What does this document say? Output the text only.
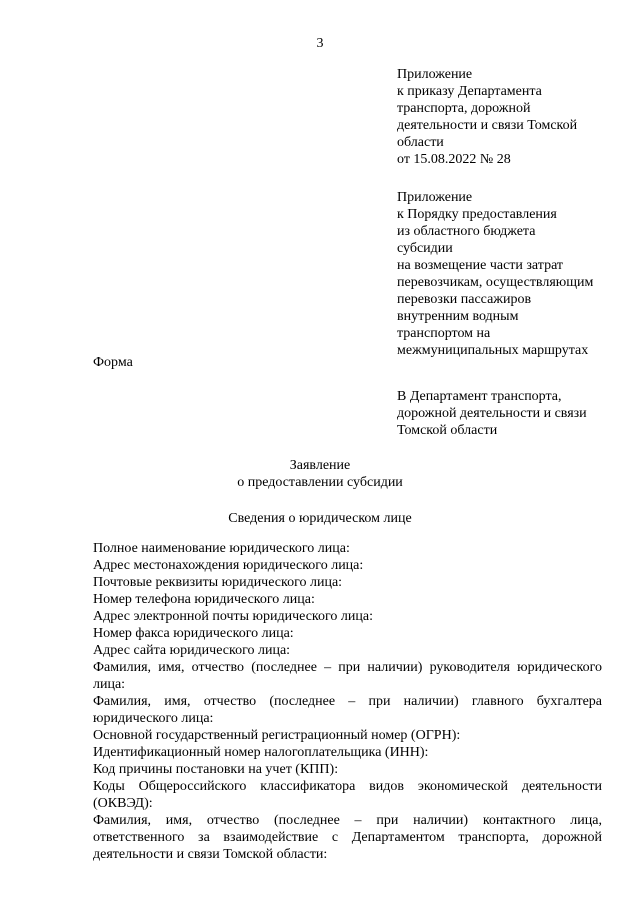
3
Приложение
к приказу Департамента
транспорта, дорожной
деятельности и связи Томской
области
от 15.08.2022 № 28
Приложение
к Порядку предоставления
из областного бюджета
субсидии
на возмещение части затрат
перевозчикам, осуществляющим
перевозки пассажиров
внутренним водным
транспортом на
межмуниципальных маршрутах
Форма
В Департамент транспорта,
дорожной деятельности и связи
Томской области
Заявление
о предоставлении субсидии
Сведения о юридическом лице
Полное наименование юридического лица:
Адрес местонахождения юридического лица:
Почтовые реквизиты юридического лица:
Номер телефона юридического лица:
Адрес электронной почты юридического лица:
Номер факса юридического лица:
Адрес сайта юридического лица:
Фамилия, имя, отчество (последнее – при наличии) руководителя юридического лица:
Фамилия, имя, отчество (последнее – при наличии) главного бухгалтера юридического лица:
Основной государственный регистрационный номер (ОГРН):
Идентификационный номер налогоплательщика (ИНН):
Код причины постановки на учет (КПП):
Коды Общероссийского классификатора видов экономической деятельности (ОКВЭД):
Фамилия, имя, отчество (последнее – при наличии) контактного лица, ответственного за взаимодействие с Департаментом транспорта, дорожной деятельности и связи Томской области:
